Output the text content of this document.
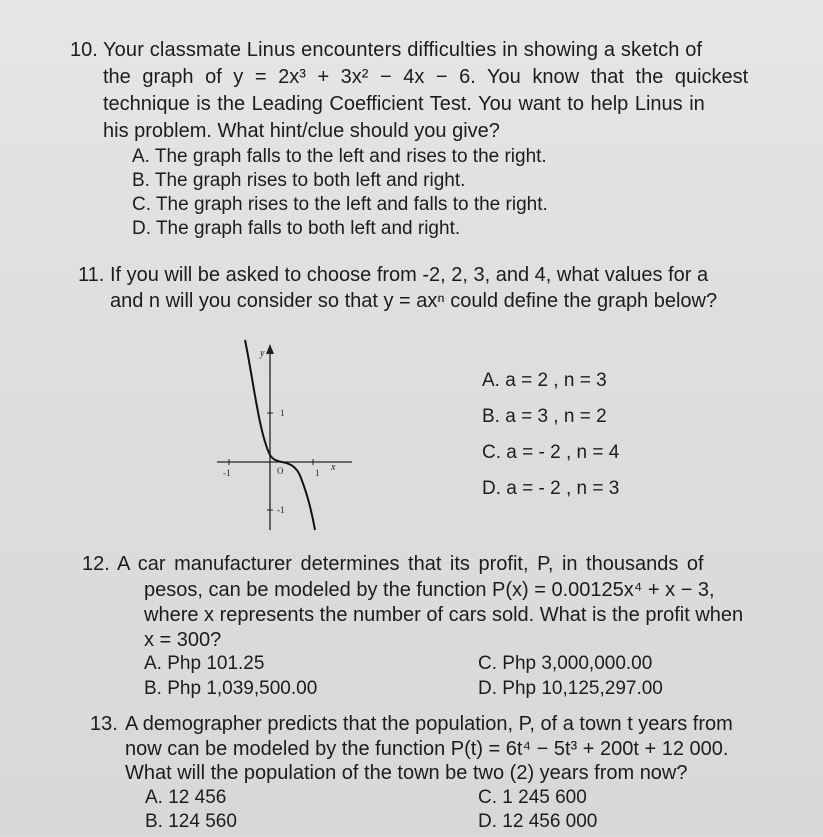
10. Your classmate Linus encounters difficulties in showing a sketch of
the graph of y = 2x³ + 3x² − 4x − 6. You know that the quickest
technique is the Leading Coefficient Test. You want to help Linus in
his problem. What hint/clue should you give?
A. The graph falls to the left and rises to the right.
B. The graph rises to both left and right.
C. The graph rises to the left and falls to the right.
D. The graph falls to both left and right.
11. If you will be asked to choose from -2, 2, 3, and 4, what values for a
and n will you consider so that y = axⁿ could define the graph below?
y
x
1
-1
-1	1
O
A. a = 2 , n = 3
B. a = 3 , n = 2
C. a = - 2 , n = 4
D. a = - 2 , n = 3
12. A car manufacturer determines that its profit, P, in thousands of
pesos, can be modeled by the function P(x) = 0.00125x⁴ + x − 3,
where x represents the number of cars sold. What is the profit when
x = 300?
A. Php 101.25
B. Php 1,039,500.00
C. Php 3,000,000.00
D. Php 10,125,297.00
13. A demographer predicts that the population, P, of a town t years from
now can be modeled by the function P(t) = 6t⁴ − 5t³ + 200t + 12 000.
What will the population of the town be two (2) years from now?
A. 12 456
B. 124 560
C. 1 245 600
D. 12 456 000
